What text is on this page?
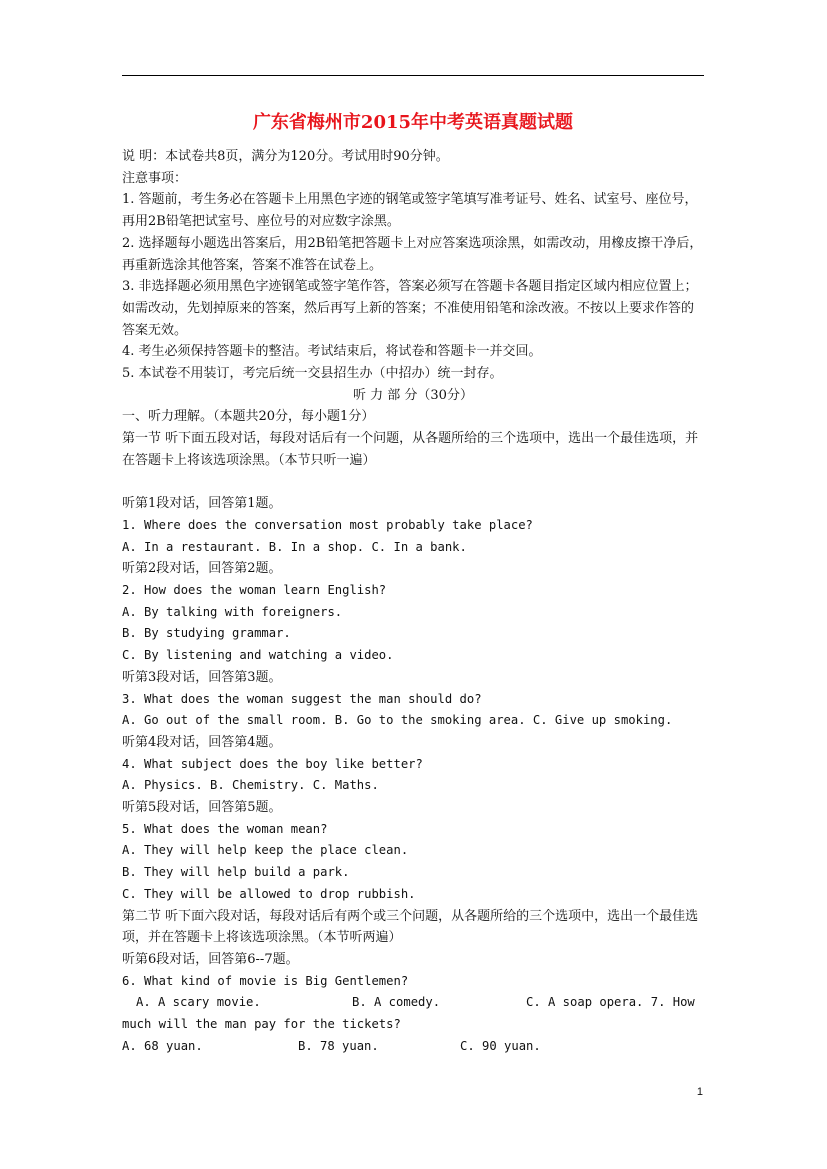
广东省梅州市2015年中考英语真题试题

说 明：本试卷共8页，满分为120分。考试用时90分钟。

注意事项：

1. 答题前，考生务必在答题卡上用黑色字迹的钢笔或签字笔填写准考证号、姓名、试室号、座位号，再用2B铅笔把试室号、座位号的对应数字涂黑。

2. 选择题每小题选出答案后，用2B铅笔把答题卡上对应答案选项涂黑，如需改动，用橡皮擦干净后，再重新选涂其他答案，答案不准答在试卷上。

3. 非选择题必须用黑色字迹钢笔或签字笔作答，答案必须写在答题卡各题目指定区域内相应位置上；如需改动，先划掉原来的答案，然后再写上新的答案；不准使用铅笔和涂改液。不按以上要求作答的答案无效。

4. 考生必须保持答题卡的整洁。考试结束后，将试卷和答题卡一并交回。

5. 本试卷不用装订，考完后统一交县招生办（中招办）统一封存。

听 力 部 分（30分）

一、听力理解。（本题共20分，每小题1分）

第一节 听下面五段对话，每段对话后有一个问题，从各题所给的三个选项中，选出一个最佳选项，并在答题卡上将该选项涂黑。（本节只听一遍）

听第1段对话，回答第1题。

1. Where does the conversation most probably take place?

A. In a restaurant. B. In a shop. C. In a bank.

听第2段对话，回答第2题。

2. How does the woman learn English?

A. By talking with foreigners.

B. By studying grammar.

C. By listening and watching a video.

听第3段对话，回答第3题。

3. What does the woman suggest the man should do?

A. Go out of the small room. B. Go to the smoking area. C. Give up smoking.

听第4段对话，回答第4题。

4. What subject does the boy like better?

A. Physics. B. Chemistry. C. Maths.

听第5段对话，回答第5题。

5. What does the woman mean?

A. They will help keep the place clean.

B. They will help build a park.

C. They will be allowed to drop rubbish.

第二节 听下面六段对话，每段对话后有两个或三个问题，从各题所给的三个选项中，选出一个最佳选项，并在答题卡上将该选项涂黑。（本节听两遍）

听第6段对话，回答第6--7题。

6. What kind of movie is Big Gentlemen?

A. A scary movie.	B. A comedy.	C. A soap opera. 7. How

much will the man pay for the tickets?

A. 68 yuan.	B. 78 yuan.	C. 90 yuan.
1
